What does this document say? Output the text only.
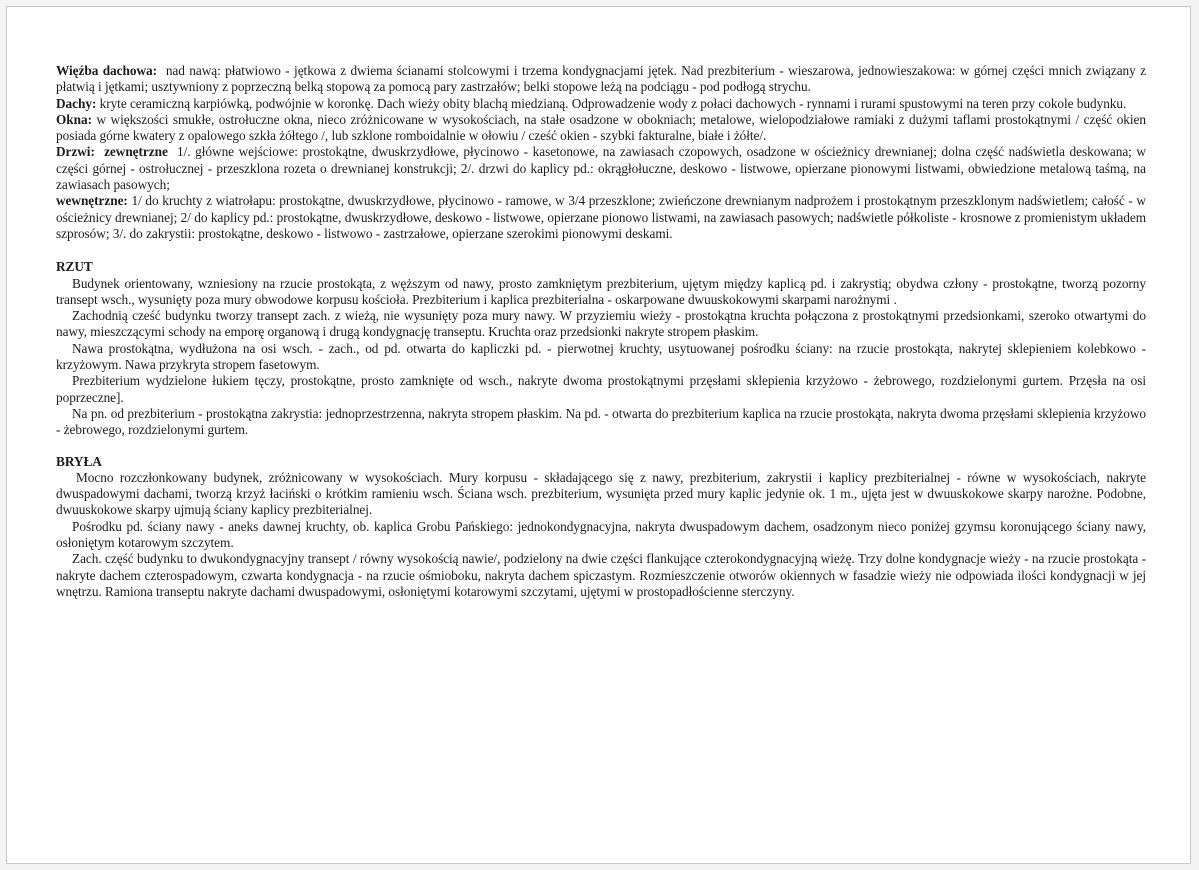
Więźba dachowa: nad nawą: płatwiowo - jętkowa z dwiema ścianami stolcowymi i trzema kondygnacjami jętek. Nad prezbiterium - wieszarowa, jednowieszakowa: w górnej części mnich związany z płatwią i jętkami; usztywniony z poprzeczną belką stopową za pomocą pary zastrzałów; belki stopowe leżą na podciągu - pod podłogą strychu.

Dachy: kryte ceramiczną karpiówką, podwójnie w koronkę. Dach wieży obity blachą miedzianą. Odprowadzenie wody z połaci dachowych - rynnami i rurami spustowymi na teren przy cokole budynku.

Okna: w większości smukłe, ostrołuczne okna, nieco zróżnicowane w wysokościach, na stałe osadzone w obokniach; metalowe, wielopodziałowe ramiaki z dużymi taflami prostokątnymi / część okien posiada górne kwatery z opalowego szkła żółtego /, lub szklone romboidalnie w ołowiu / cześć okien - szybki fakturalne, białe i żółte/.

Drzwi: zewnętrzne 1/. główne wejściowe: prostokątne, dwuskrzydłowe, płycinowo - kasetonowe, na zawiasach czopowych, osadzone w ościeżnicy drewnianej; dolna część nadświetla deskowana; w części górnej - ostrołucznej - przeszklona rozeta o drewnianej konstrukcji; 2/. drzwi do kaplicy pd.: okrągłołuczne, deskowo - listwowe, opierzane pionowymi listwami, obwiedzione metalową taśmą, na zawiasach pasowych;

wewnętrzne: 1/ do kruchty z wiatrołapu: prostokątne, dwuskrzydłowe, płycinowo - ramowe, w 3/4 przeszklone; zwieńczone drewnianym nadprożem i prostokątnym przeszklonym nadświetlem; całość - w ościeżnicy drewnianej; 2/ do kaplicy pd.: prostokątne, dwuskrzydłowe, deskowo - listwowe, opierzane pionowo listwami, na zawiasach pasowych; nadświetle półkoliste - krosnowe z promienistym układem szprosów; 3/. do zakrystii: prostokątne, deskowo - listwowo - zastrzałowe, opierzane szerokimi pionowymi deskami.

RZUT

Budynek orientowany, wzniesiony na rzucie prostokąta, z węższym od nawy, prosto zamkniętym prezbiterium, ujętym między kaplicą pd. i zakrystią; obydwa człony - prostokątne, tworzą pozorny transept wsch., wysunięty poza mury obwodowe korpusu kościoła. Prezbiterium i kaplica prezbiterialna - oskarpowane dwuuskokowymi skarpami narożnymi .

Zachodnią cześć budynku tworzy transept zach. z wieżą, nie wysunięty poza mury nawy. W przyziemiu wieży - prostokątna kruchta połączona z prostokątnymi przedsionkami, szeroko otwartymi do nawy, mieszczącymi schody na emporę organową i drugą kondygnację transeptu. Kruchta oraz przedsionki nakryte stropem płaskim.

Nawa prostokątna, wydłużona na osi wsch. - zach., od pd. otwarta do kapliczki pd. - pierwotnej kruchty, usytuowanej pośrodku ściany: na rzucie prostokąta, nakrytej sklepieniem kolebkowo - krzyżowym. Nawa przykryta stropem fasetowym.

Prezbiterium wydzielone łukiem tęczy, prostokątne, prosto zamknięte od wsch., nakryte dwoma prostokątnymi przęsłami sklepienia krzyżowo - żebrowego, rozdzielonymi gurtem. Przęsła na osi poprzeczne].

Na pn. od prezbiterium - prostokątna zakrystia: jednoprzestrzenna, nakryta stropem płaskim. Na pd. - otwarta do prezbiterium kaplica na rzucie prostokąta, nakryta dwoma przęsłami sklepienia krzyżowo - żebrowego, rozdzielonymi gurtem.

BRYŁA

Mocno rozczłonkowany budynek, zróżnicowany w wysokościach. Mury korpusu - składającego się z nawy, prezbiterium, zakrystii i kaplicy prezbiterialnej - równe w wysokościach, nakryte dwuspadowymi dachami, tworzą krzyż łaciński o krótkim ramieniu wsch. Ściana wsch. prezbiterium, wysunięta przed mury kaplic jedynie ok. 1 m., ujęta jest w dwuuskokowe skarpy narożne. Podobne, dwuuskokowe skarpy ujmują ściany kaplicy prezbiterialnej.

Pośrodku pd. ściany nawy - aneks dawnej kruchty, ob. kaplica Grobu Pańskiego: jednokondygnacyjna, nakryta dwuspadowym dachem, osadzonym nieco poniżej gzymsu koronującego ściany nawy, osłoniętym kotarowym szczytem.

Zach. część budynku to dwukondygnacyjny transept / równy wysokością nawie/, podzielony na dwie części flankujące czterokondygnacyjną wieżę. Trzy dolne kondygnacje wieży - na rzucie prostokąta - nakryte dachem czterospadowym, czwarta kondygnacja - na rzucie ośmioboku, nakryta dachem spiczastym. Rozmieszczenie otworów okiennych w fasadzie wieży nie odpowiada ilości kondygnacji w jej wnętrzu. Ramiona transeptu nakryte dachami dwuspadowymi, osłoniętymi kotarowymi szczytami, ujętymi w prostopadłościenne sterczyny.
